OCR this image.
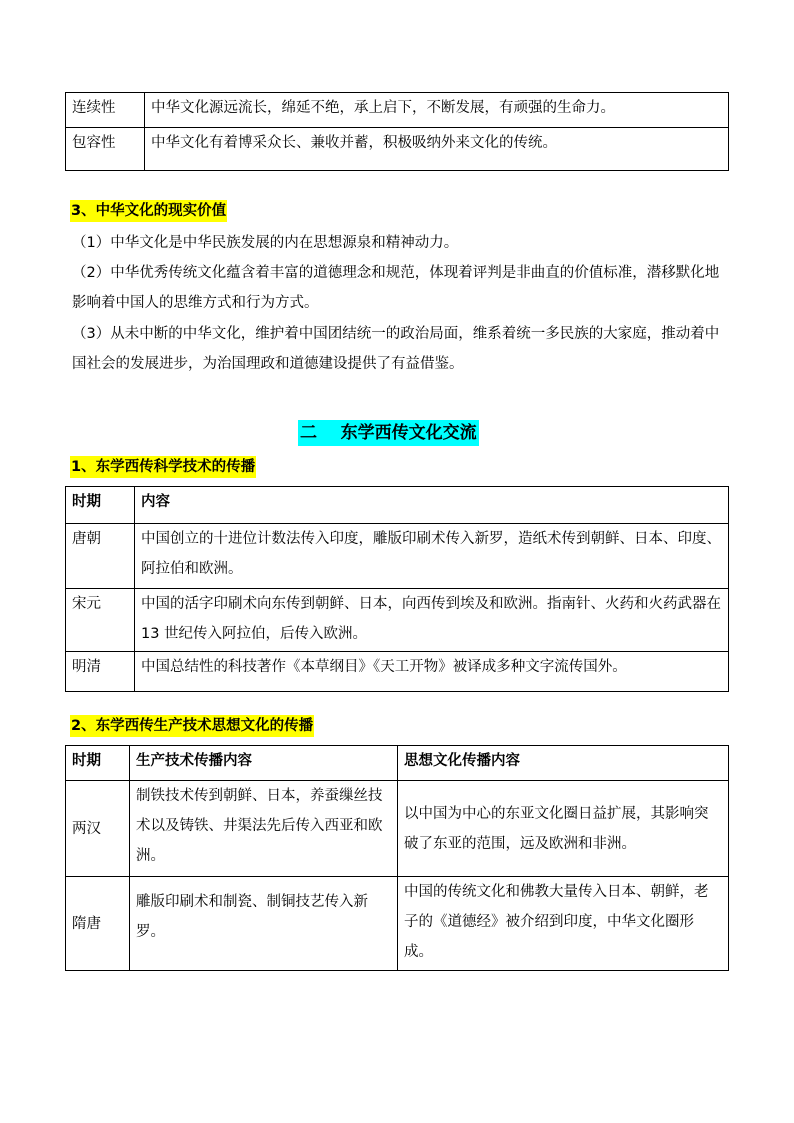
连续性	中华文化源远流长，绵延不绝，承上启下，不断发展，有顽强的生命力。
包容性	中华文化有着博采众长、兼收并蓄，积极吸纳外来文化的传统。
3、中华文化的现实价值
（1）中华文化是中华民族发展的内在思想源泉和精神动力。
（2）中华优秀传统文化蕴含着丰富的道德理念和规范，体现着评判是非曲直的价值标准，潜移默化地影响着中国人的思维方式和行为方式。
（3）从未中断的中华文化，维护着中国团结统一的政治局面，维系着统一多民族的大家庭，推动着中国社会的发展进步，为治国理政和道德建设提供了有益借鉴。
二    东学西传文化交流
1、东学西传科学技术的传播
时期	内容
唐朝	中国创立的十进位计数法传入印度，雕版印刷术传入新罗，造纸术传到朝鲜、日本、印度、阿拉伯和欧洲。
宋元	中国的活字印刷术向东传到朝鲜、日本，向西传到埃及和欧洲。指南针、火药和火药武器在 13 世纪传入阿拉伯，后传入欧洲。
明清	中国总结性的科技著作《本草纲目》《天工开物》被译成多种文字流传国外。
2、东学西传生产技术思想文化的传播
时期	生产技术传播内容	思想文化传播内容
两汉	制铁技术传到朝鲜、日本，养蚕缫丝技术以及铸铁、井渠法先后传入西亚和欧洲。	以中国为中心的东亚文化圈日益扩展，其影响突破了东亚的范围，远及欧洲和非洲。
隋唐	雕版印刷术和制瓷、制铜技艺传入新罗。	中国的传统文化和佛教大量传入日本、朝鲜，老子的《道德经》被介绍到印度，中华文化圈形成。
